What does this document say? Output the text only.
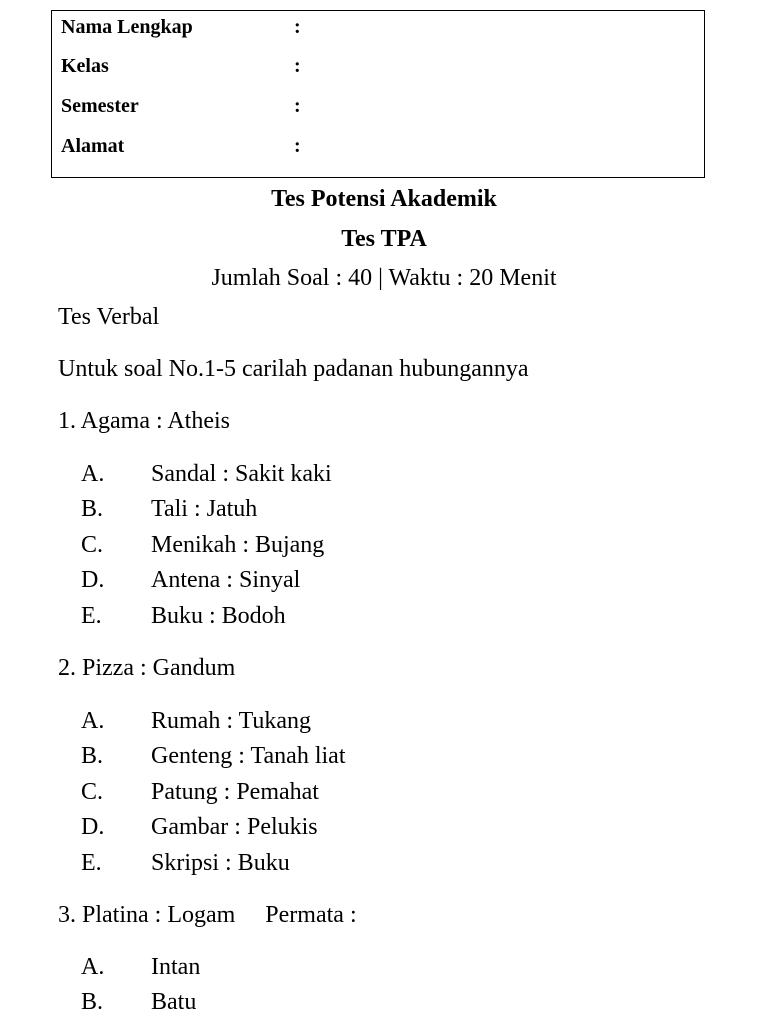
Nama Lengkap	:
Kelas	:
Semester	:
Alamat	:
Tes Potensi Akademik
Tes TPA
Jumlah Soal : 40 | Waktu : 20 Menit
Tes Verbal
Untuk soal No.1-5 carilah padanan hubungannya
1. Agama : Atheis
A. Sandal : Sakit kaki
B. Tali : Jatuh
C. Menikah : Bujang
D. Antena : Sinyal
E. Buku : Bodoh
2. Pizza : Gandum
A. Rumah : Tukang
B. Genteng : Tanah liat
C. Patung : Pemahat
D. Gambar : Pelukis
E. Skripsi : Buku
3. Platina : Logam     Permata :
A. Intan
B. Batu
